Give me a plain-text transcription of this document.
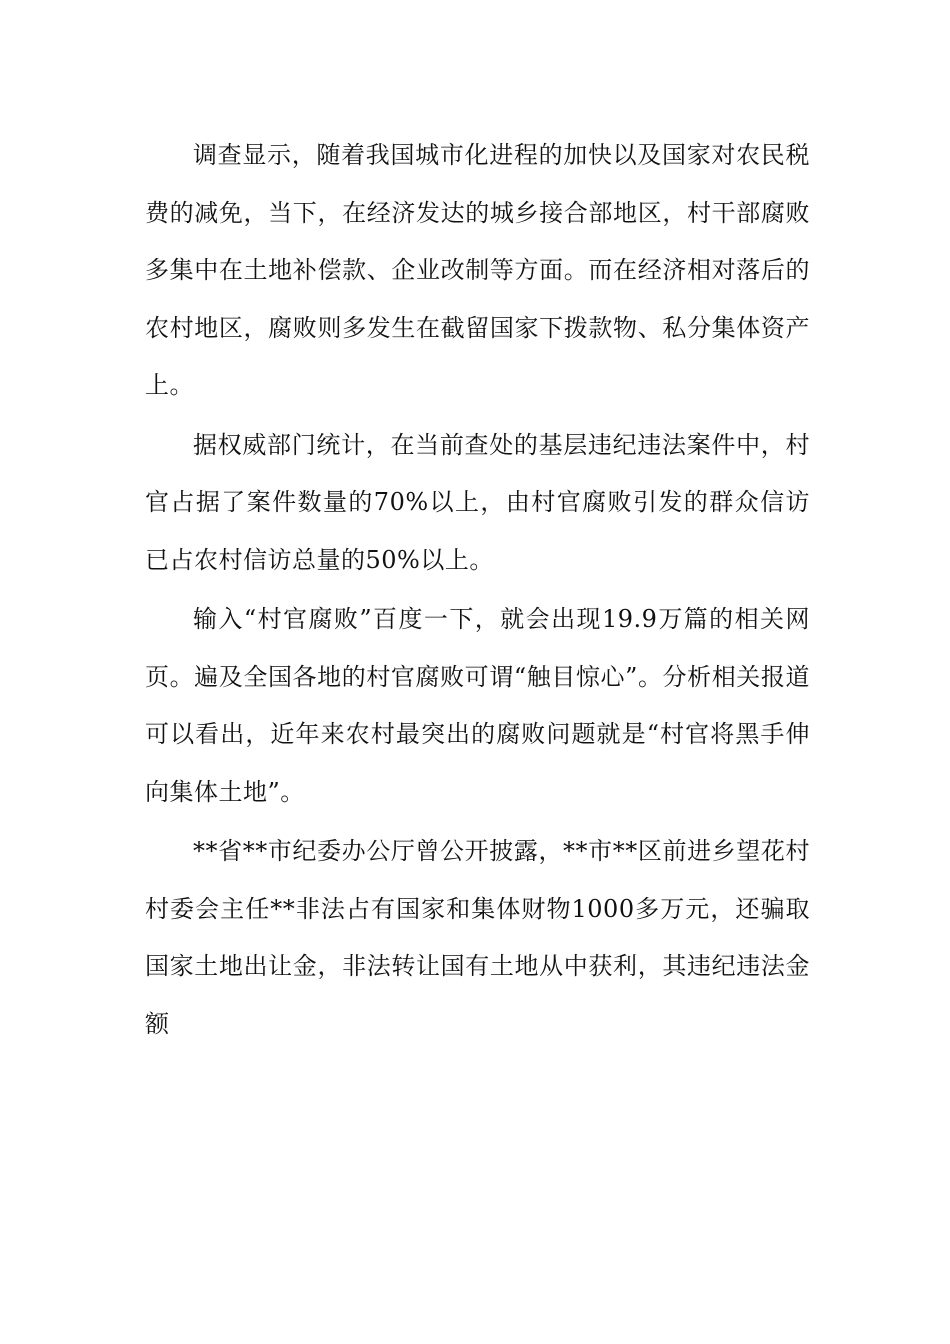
调查显示，随着我国城市化进程的加快以及国家对农民税费的减免，当下，在经济发达的城乡接合部地区，村干部腐败多集中在土地补偿款、企业改制等方面。而在经济相对落后的农村地区，腐败则多发生在截留国家下拨款物、私分集体资产上。

据权威部门统计，在当前查处的基层违纪违法案件中，村官占据了案件数量的70%以上，由村官腐败引发的群众信访已占农村信访总量的50%以上。

输入“村官腐败”百度一下，就会出现19.9万篇的相关网页。遍及全国各地的村官腐败可谓“触目惊心”。分析相关报道可以看出，近年来农村最突出的腐败问题就是“村官将黑手伸向集体土地”。

**省**市纪委办公厅曾公开披露，**市**区前进乡望花村村委会主任**非法占有国家和集体财物1000多万元，还骗取国家土地出让金，非法转让国有土地从中获利，其违纪违法金额
